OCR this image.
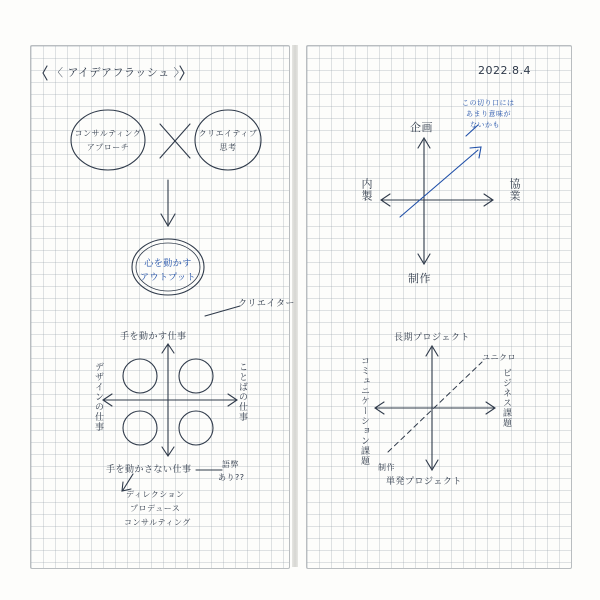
〈 アイデアフラッシュ 〉
コンサルティング
アプローチ
クリエイティブ
思考
心を動かす
アウトプット
クリエイター
手を動かす仕事
デザインの仕事	ことばの仕事
手を動かさない仕事
語弊
あり??
ディレクション
プロデュース
コンサルティング
2022.8.4
企画
内製	協業
制作
この切り口には
あまり意味が
ないかも
長期プロジェクト
コミュニケーション課題	ビジネス課題
ユニクロ
制作
単発プロジェクト
